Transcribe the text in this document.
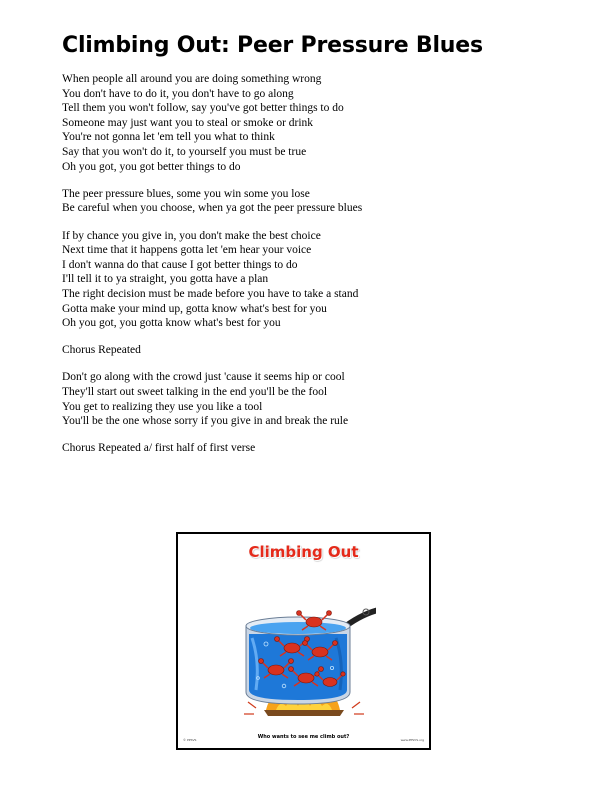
Climbing Out: Peer Pressure Blues
When people all around you are doing something wrong
You don't have to do it, you don't have to go along
Tell them you won't follow, say you've got better things to do
Someone may just want you to steal or smoke or drink
You're not gonna let 'em tell you what to think
Say that you won't do it, to yourself you must be true
Oh you got, you got better things to do
The peer pressure blues, some you win some you lose
Be careful when you choose, when ya got the peer pressure blues
If by chance you give in, you don't make the best choice
Next time that it happens gotta let 'em hear your voice
I don't wanna do that cause I got better things to do
I'll tell it to ya straight, you gotta have a plan
The right decision must be made before you have to take a stand
Gotta make your mind up, gotta know what's best for you
Oh you got, you gotta know what's best for you
Chorus Repeated
Don't go along with the crowd just 'cause it seems hip or cool
They'll start out sweet talking in the end you'll be the fool
You get to realizing they use you like a tool
You'll be the one whose sorry if you give in and break the rule
Chorus Repeated a/ first half of first verse
Climbing Out
© PPSVS	Who wants to see me climb out?	www.PPSVS.org
